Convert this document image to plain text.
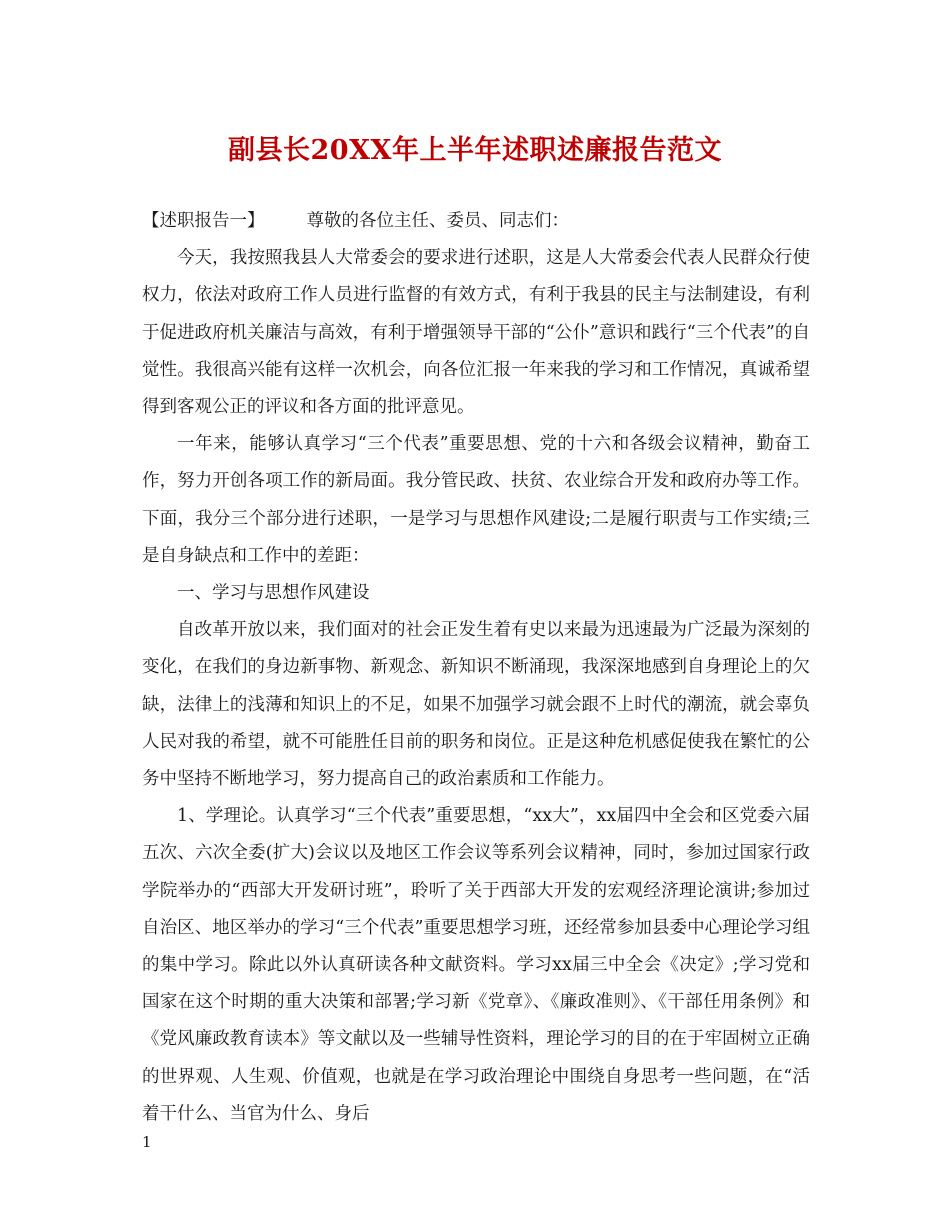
副县长20XX年上半年述职述廉报告范文

【述职报告一】 尊敬的各位主任、委员、同志们：

今天，我按照我县人大常委会的要求进行述职，这是人大常委会代表人民群众行使权力，依法对政府工作人员进行监督的有效方式，有利于我县的民主与法制建设，有利于促进政府机关廉洁与高效，有利于增强领导干部的“公仆”意识和践行“三个代表”的自觉性。我很高兴能有这样一次机会，向各位汇报一年来我的学习和工作情况，真诚希望得到客观公正的评议和各方面的批评意见。

一年来，能够认真学习“三个代表”重要思想、党的十六和各级会议精神，勤奋工作，努力开创各项工作的新局面。我分管民政、扶贫、农业综合开发和政府办等工作。下面，我分三个部分进行述职，一是学习与思想作风建设;二是履行职责与工作实绩;三是自身缺点和工作中的差距：

一、学习与思想作风建设

自改革开放以来，我们面对的社会正发生着有史以来最为迅速最为广泛最为深刻的变化，在我们的身边新事物、新观念、新知识不断涌现，我深深地感到自身理论上的欠缺，法律上的浅薄和知识上的不足，如果不加强学习就会跟不上时代的潮流，就会辜负人民对我的希望，就不可能胜任目前的职务和岗位。正是这种危机感促使我在繁忙的公务中坚持不断地学习，努力提高自己的政治素质和工作能力。

1、学理论。认真学习“三个代表”重要思想，“xx大”，xx届四中全会和区党委六届五次、六次全委(扩大)会议以及地区工作会议等系列会议精神，同时，参加过国家行政学院举办的“西部大开发研讨班”，聆听了关于西部大开发的宏观经济理论演讲;参加过自治区、地区举办的学习“三个代表”重要思想学习班，还经常参加县委中心理论学习组的集中学习。除此以外认真研读各种文献资料。学习xx届三中全会《决定》;学习党和国家在这个时期的重大决策和部署;学习新《党章》、《廉政准则》、《干部任用条例》和《党风廉政教育读本》等文献以及一些辅导性资料，理论学习的目的在于牢固树立正确的世界观、人生观、价值观，也就是在学习政治理论中围绕自身思考一些问题，在“活着干什么、当官为什么、身后

1
